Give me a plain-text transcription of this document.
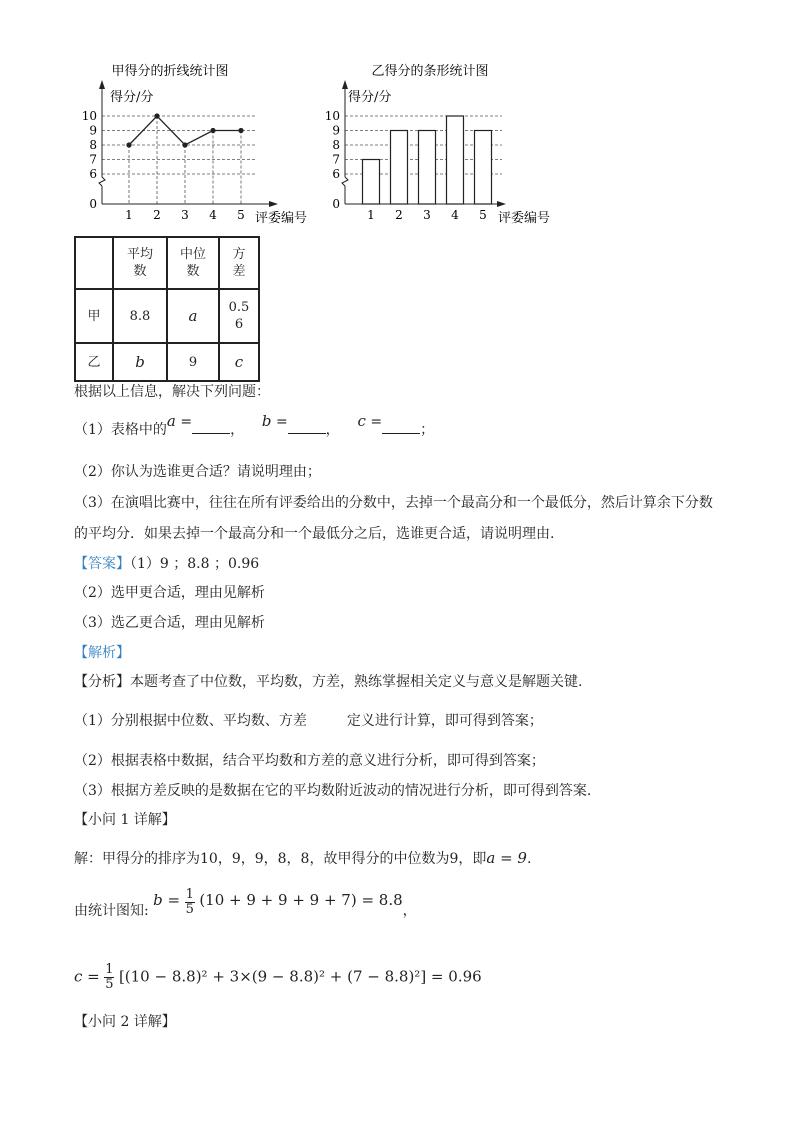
甲得分的折线统计图
得分/分
评委编号
0
6
7
8
9
10
1 2 3 4 5
乙得分的条形统计图
得分/分
评委编号
0
6
7
8
9
10
1 2 3 4 5
	平均数	中位数	方差
甲	8.8	a	0.56
乙	b	9	c
根据以上信息，解决下列问题：
（1）表格中的a =	， b =	， c =	；
（2）你认为选谁更合适？请说明理由；
（3）在演唱比赛中，往往在所有评委给出的分数中，去掉一个最高分和一个最低分，然后计算余下分数
的平均分．如果去掉一个最高分和一个最低分之后，选谁更合适，请说明理由.
【答案】（1）9 ；8.8 ；0.96
（2）选甲更合适，理由见解析
（3）选乙更合适，理由见解析
【解析】
【分析】本题考查了中位数，平均数，方差，熟练掌握相关定义与意义是解题关键.
（1）分别根据中位数、平均数、方差	定义进行计算，即可得到答案；
（2）根据表格中数据，结合平均数和方差的意义进行分析，即可得到答案；
（3）根据方差反映的是数据在它的平均数附近波动的情况进行分析，即可得到答案.
【小问 1 详解】
解：甲得分的排序为10，9，9，8，8，故甲得分的中位数为9，即a = 9.
由统计图知: $b = \frac{1}{5} (10 + 9 + 9 + 9 + 7) = 8.8$，
$c = \frac{1}{5} [(10 - 8.8)^2 + 3\times(9 - 8.8)^2 + (7 - 8.8)^2] = 0.96$
【小问 2 详解】
